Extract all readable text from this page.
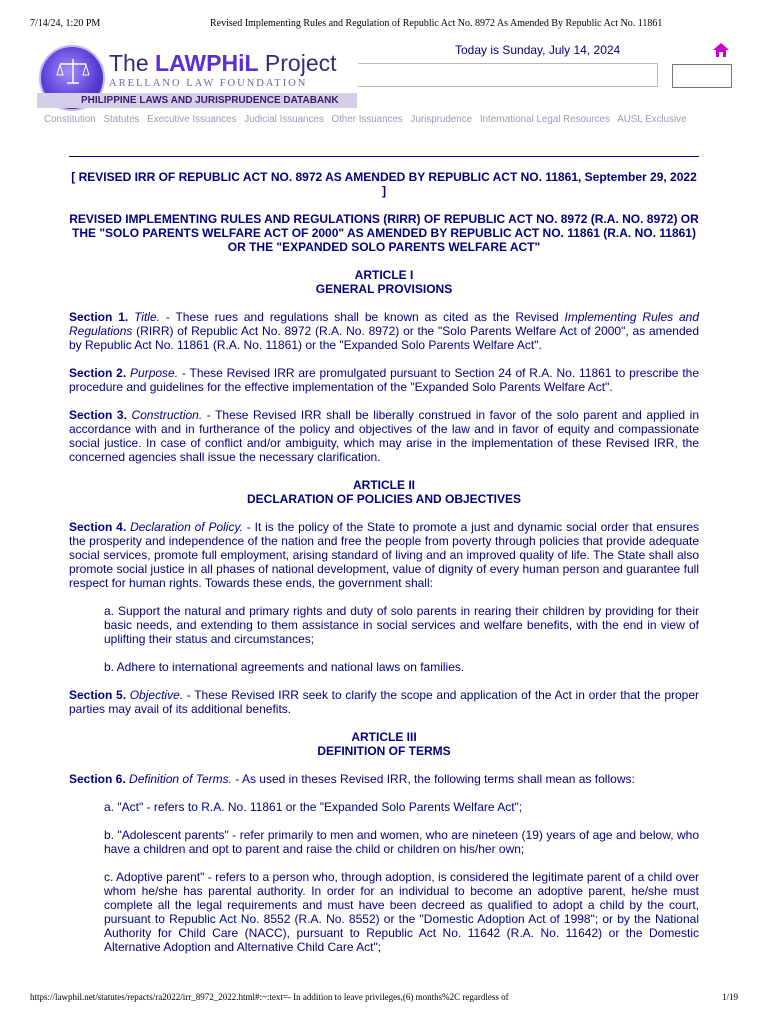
7/14/24, 1:20 PM	Revised Implementing Rules and Regulation of Republic Act No. 8972 As Amended By Republic Act No. 11861
The LAWPHiL Project
ARELLANO LAW FOUNDATION
PHILIPPINE LAWS AND JURISPRUDENCE DATABANK
Today is Sunday, July 14, 2024
Constitution Statutes Executive Issuances Judicial Issuances Other Issuances Jurisprudence International Legal Resources AUSL Exclusive

[ REVISED IRR OF REPUBLIC ACT NO. 8972 AS AMENDED BY REPUBLIC ACT NO. 11861, September 29, 2022 ]

REVISED IMPLEMENTING RULES AND REGULATIONS (RIRR) OF REPUBLIC ACT NO. 8972 (R.A. NO. 8972) OR THE "SOLO PARENTS WELFARE ACT OF 2000" AS AMENDED BY REPUBLIC ACT NO. 11861 (R.A. NO. 11861) OR THE "EXPANDED SOLO PARENTS WELFARE ACT"

ARTICLE I
GENERAL PROVISIONS

Section 1. Title. - These rues and regulations shall be known as cited as the Revised Implementing Rules and Regulations (RIRR) of Republic Act No. 8972 (R.A. No. 8972) or the "Solo Parents Welfare Act of 2000", as amended by Republic Act No. 11861 (R.A. No. 11861) or the "Expanded Solo Parents Welfare Act".

Section 2. Purpose. - These Revised IRR are promulgated pursuant to Section 24 of R.A. No. 11861 to prescribe the procedure and guidelines for the effective implementation of the "Expanded Solo Parents Welfare Act".

Section 3. Construction. - These Revised IRR shall be liberally construed in favor of the solo parent and applied in accordance with and in furtherance of the policy and objectives of the law and in favor of equity and compassionate social justice. In case of conflict and/or ambiguity, which may arise in the implementation of these Revised IRR, the concerned agencies shall issue the necessary clarification.

ARTICLE II
DECLARATION OF POLICIES AND OBJECTIVES

Section 4. Declaration of Policy. - It is the policy of the State to promote a just and dynamic social order that ensures the prosperity and independence of the nation and free the people from poverty through policies that provide adequate social services, promote full employment, arising standard of living and an improved quality of life. The State shall also promote social justice in all phases of national development, value of dignity of every human person and guarantee full respect for human rights. Towards these ends, the government shall:

a. Support the natural and primary rights and duty of solo parents in rearing their children by providing for their basic needs, and extending to them assistance in social services and welfare benefits, with the end in view of uplifting their status and circumstances;

b. Adhere to international agreements and national laws on families.

Section 5. Objective. - These Revised IRR seek to clarify the scope and application of the Act in order that the proper parties may avail of its additional benefits.

ARTICLE III
DEFINITION OF TERMS

Section 6. Definition of Terms. - As used in theses Revised IRR, the following terms shall mean as follows:

a. "Act" - refers to R.A. No. 11861 or the "Expanded Solo Parents Welfare Act";

b. "Adolescent parents" - refer primarily to men and women, who are nineteen (19) years of age and below, who have a children and opt to parent and raise the child or children on his/her own;

c. Adoptive parent" - refers to a person who, through adoption, is considered the legitimate parent of a child over whom he/she has parental authority. In order for an individual to become an adoptive parent, he/she must complete all the legal requirements and must have been decreed as qualified to adopt a child by the court, pursuant to Republic Act No. 8552 (R.A. No. 8552) or the "Domestic Adoption Act of 1998"; or by the National Authority for Child Care (NACC), pursuant to Republic Act No. 11642 (R.A. No. 11642) or the Domestic Alternative Adoption and Alternative Child Care Act";

https://lawphil.net/statutes/repacts/ra2022/irr_8972_2022.html#:~:text=- In addition to leave privileges,(6) months%2C regardless of	1/19
